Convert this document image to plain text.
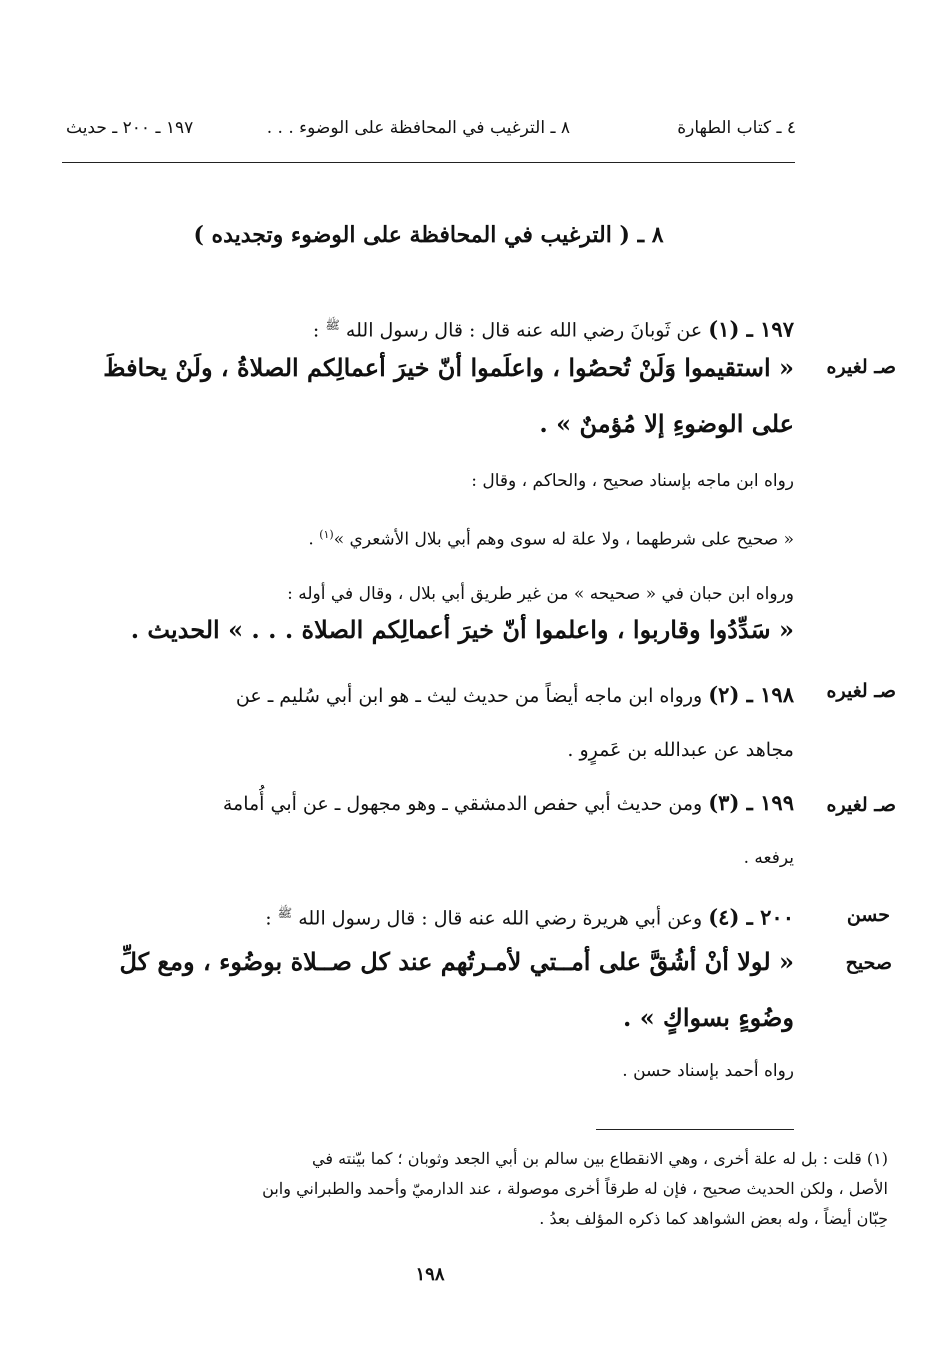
٤ ـ كتاب الطهارة
٨ ـ الترغيب في المحافظة على الوضوء . . .
١٩٧ ـ ٢٠٠ ـ حديث
٨ ـ ( الترغيب في المحافظة على الوضوء وتجديده )
١٩٧ ـ (١) عن ثَوبانَ رضي الله عنه قال : قال رسول الله $^ﷺ$ :
صـ لغيره
« استقيموا وَلَنْ تُحصُوا ، واعلَموا أنّ خيرَ أعمالِكم الصلاةُ ، ولَنْ يحافظَ
على الوضوءِ إلا مُؤمنٌ » .
رواه ابن ماجه بإسناد صحيح ، والحاكم ، وقال :
« صحيح على شرطهما ، ولا علة له سوى وهم أبي بلال الأشعري »$^{(١)}$ .
ورواه ابن حبان في « صحيحه » من غير طريق أبي بلال ، وقال في أوله :
« سَدِّدُوا وقاربوا ، واعلموا أنّ خيرَ أعمالِكم الصلاة . . . » الحديث .
صـ لغيره
١٩٨ ـ (٢) ورواه ابن ماجه أيضاً من حديث ليث ـ هو ابن أبي سُليم ـ عن
مجاهد عن عبدالله بن عَمرٍو .
صـ لغيره
١٩٩ ـ (٣) ومن حديث أبي حفص الدمشقي ـ وهو مجهول ـ عن أبي أُمامة
يرفعه .
حسن
صحيح
٢٠٠ ـ (٤) وعن أبي هريرة رضي الله عنه قال : قال رسول الله $^ﷺ$ :
« لولا أنْ أشُقَّ على أمــتي لأمـرتُهم عند كل صــلاة بوضُوء ، ومع كلِّ
وضُوءٍ بسواكٍ » .
رواه أحمد بإسناد حسن .
(١) قلت : بل له علة أخرى ، وهي الانقطاع بين سالم بن أبي الجعد وثوبان ؛ كما بيّنته في
الأصل ، ولكن الحديث صحيح ، فإن له طرقاً أخرى موصولة ، عند الدارميّ وأحمد والطبراني وابن
حِبّان أيضاً ، وله بعض الشواهد كما ذكره المؤلف بعدُ .
١٩٨
